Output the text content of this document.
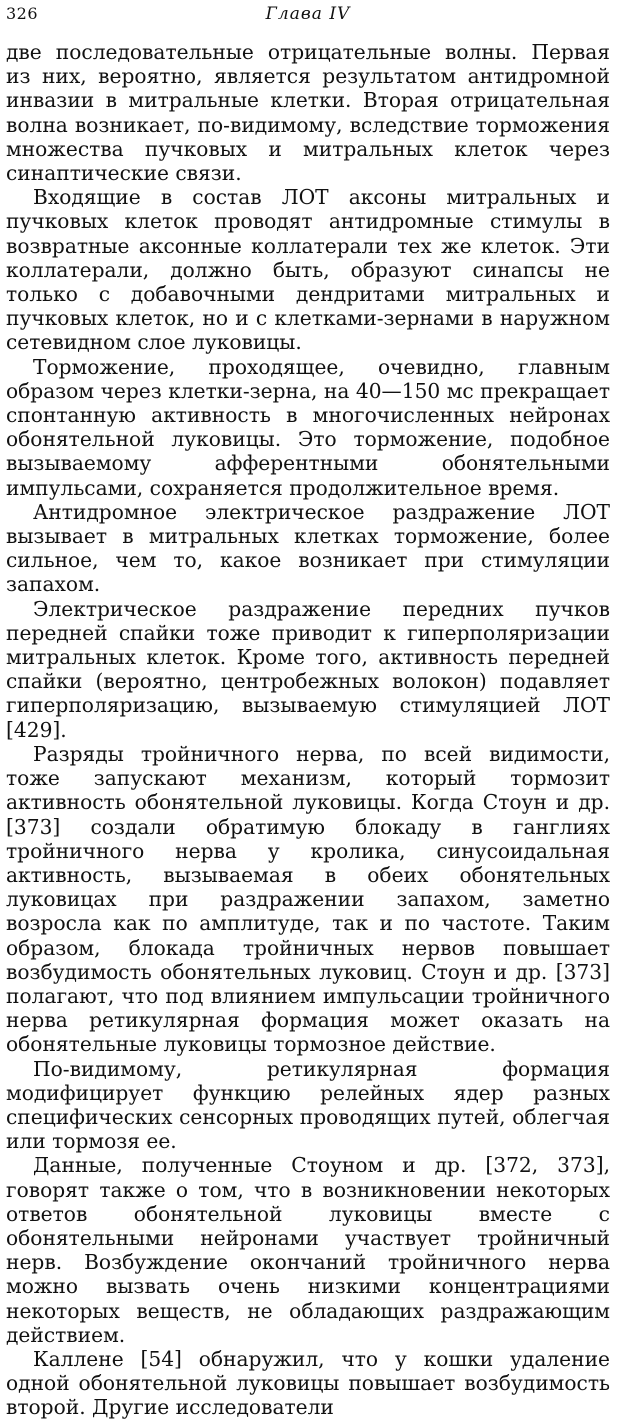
326	Глава IV

две последовательные отрицательные волны. Первая из них, вероятно, является результатом антидромной инвазии в митральные клетки. Вторая отрицательная волна возникает, по-видимому, вследствие торможения множества пучковых и митральных клеток через синаптические связи.

Входящие в состав ЛОТ аксоны митральных и пучковых клеток проводят антидромные стимулы в возвратные аксонные коллатерали тех же клеток. Эти коллатерали, должно быть, образуют синапсы не только с добавочными дендритами митральных и пучковых клеток, но и с клетками-зернами в наружном сетевидном слое луковицы.

Торможение, проходящее, очевидно, главным образом через клетки-зерна, на 40—150 мс прекращает спонтанную активность в многочисленных нейронах обонятельной луковицы. Это торможение, подобное вызываемому афферентными обонятельными импульсами, сохраняется продолжительное время.

Антидромное электрическое раздражение ЛОТ вызывает в митральных клетках торможение, более сильное, чем то, какое возникает при стимуляции запахом.

Электрическое раздражение передних пучков передней спайки тоже приводит к гиперполяризации митральных клеток. Кроме того, активность передней спайки (вероятно, центробежных волокон) подавляет гиперполяризацию, вызываемую стимуляцией ЛОТ [429].

Разряды тройничного нерва, по всей видимости, тоже запускают механизм, который тормозит активность обонятельной луковицы. Когда Стоун и др. [373] создали обратимую блокаду в ганглиях тройничного нерва у кролика, синусоидальная активность, вызываемая в обеих обонятельных луковицах при раздражении запахом, заметно возросла как по амплитуде, так и по частоте. Таким образом, блокада тройничных нервов повышает возбудимость обонятельных луковиц. Стоун и др. [373] полагают, что под влиянием импульсации тройничного нерва ретикулярная формация может оказать на обонятельные луковицы тормозное действие.

По-видимому, ретикулярная формация модифицирует функцию релейных ядер разных специфических сенсорных проводящих путей, облегчая или тормозя ее.

Данные, полученные Стоуном и др. [372, 373], говорят также о том, что в возникновении некоторых ответов обонятельной луковицы вместе с обонятельными нейронами участвует тройничный нерв. Возбуждение окончаний тройничного нерва можно вызвать очень низкими концентрациями некоторых веществ, не обладающих раздражающим действием.

Каллене [54] обнаружил, что у кошки удаление одной обонятельной луковицы повышает возбудимость второй. Другие исследователи
